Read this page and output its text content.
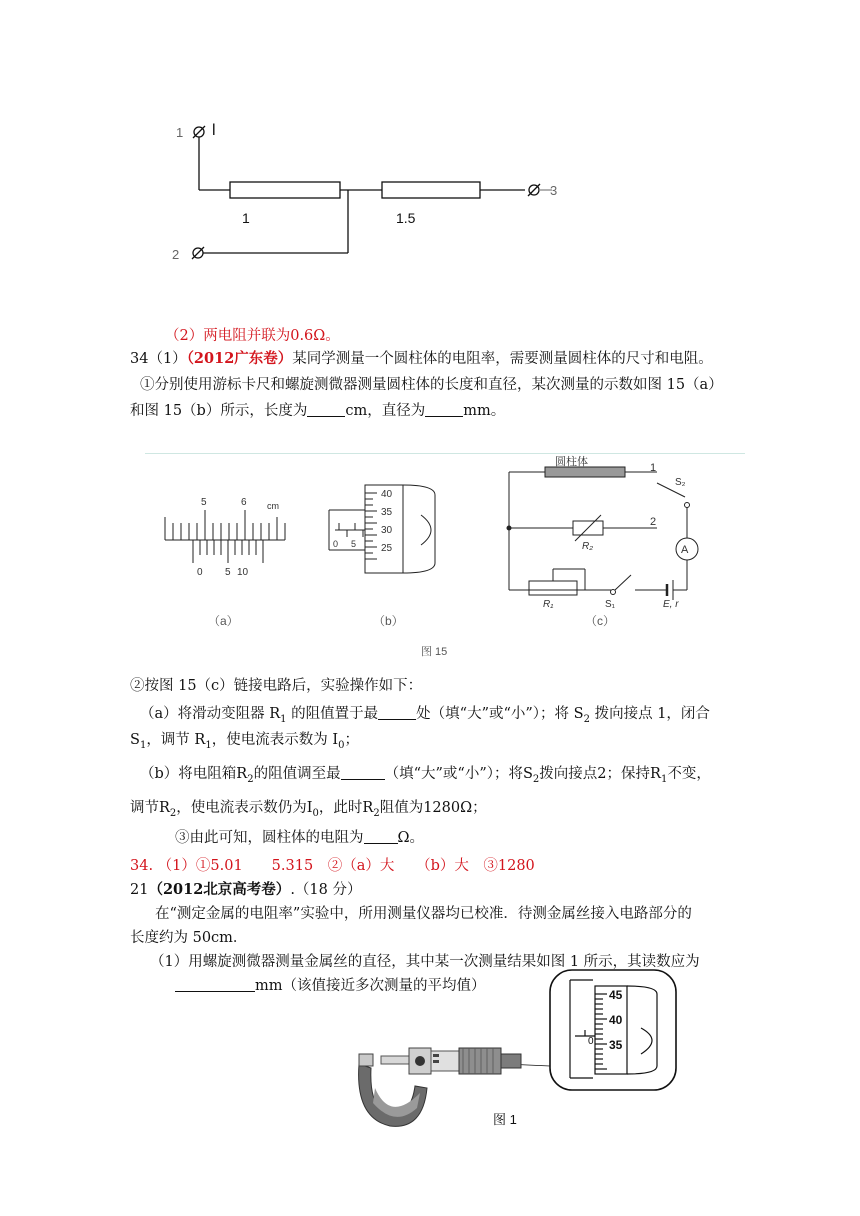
1 l
2
3
1	1.5
（2）两电阻并联为0.6Ω。
34（1）（2012广东卷）某同学测量一个圆柱体的电阻率，需要测量圆柱体的尺寸和电阻。
①分别使用游标卡尺和螺旋测微器测量圆柱体的长度和直径，某次测量的示数如图 15（a）
和图 15（b）所示，长度为	cm，直径为	mm。
5	6 cm
0 5 10
（a）
40
35
30
25
0 5
（b）
圆柱体	1
2
S₂
R₂	A
R₁	S₁	E, r
（c）
图 15
②按图 15（c）链接电路后，实验操作如下：
（a）将滑动变阻器 $R_1$ 的阻值置于最	处（填“大”或“小”）；将 $S_2$ 拨向接点 1，闭合
$S_1$，调节 $R_1$，使电流表示数为 $I_0$；
（b）将电阻箱$R_2$的阻值调至最	（填“大”或“小”）；将$S_2$拨向接点2；保持$R_1$不变，
调节$R_2$，使电流表示数仍为$I_0$，此时$R_2$阻值为1280Ω；
③由此可知，圆柱体的电阻为 Ω。
34. （1）①5.01　　5.315　②（a）大　　（b）大　③1280
21（2012北京高考卷）.（18 分）
在“测定金属的电阻率”实验中，所用测量仪器均已校准．待测金属丝接入电路部分的
长度约为 50cm．
（1）用螺旋测微器测量金属丝的直径，其中某一次测量结果如图 1 所示，其读数应为
mm（该值接近多次测量的平均值）
45
40
35
0
图 1
